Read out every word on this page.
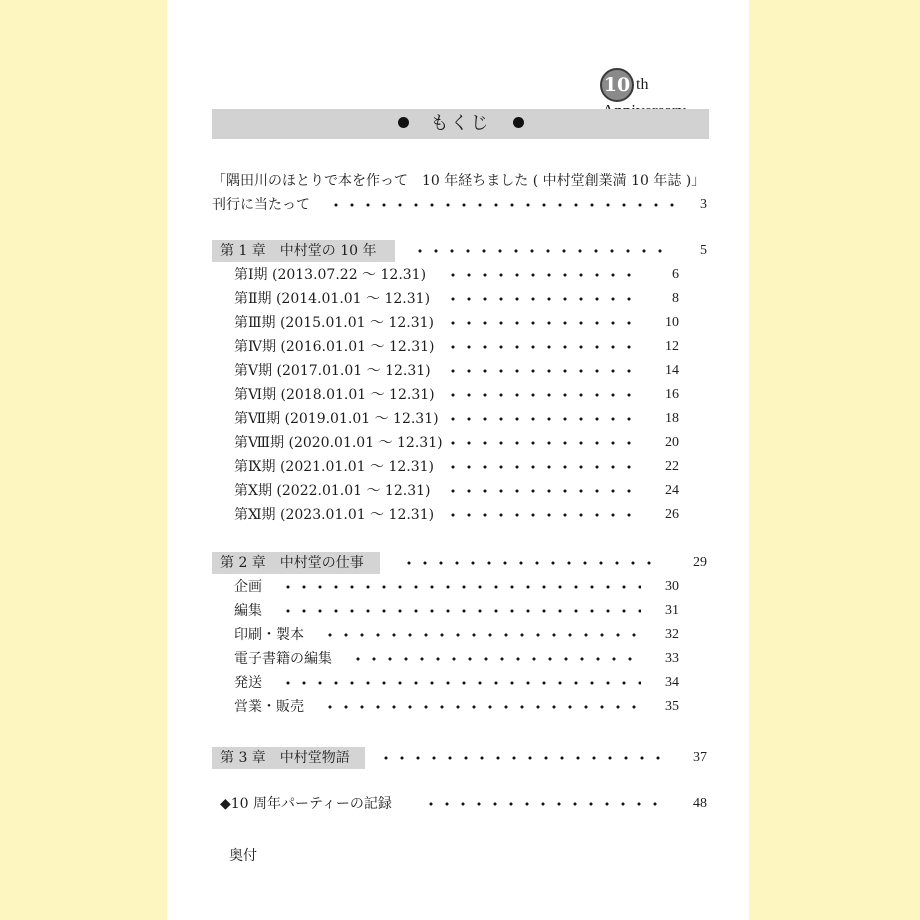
10 th
もくじ
「隅田川のほとりで本を作って　10 年経ちました ( 中村堂創業満 10 年誌 )」
刊行に当たって	3
第 1 章　中村堂の 10 年	5
第Ⅰ期 (2013.07.22 ～ 12.31)	6
第Ⅱ期 (2014.01.01 ～ 12.31)	8
第Ⅲ期 (2015.01.01 ～ 12.31)	10
第Ⅳ期 (2016.01.01 ～ 12.31)	12
第Ⅴ期 (2017.01.01 ～ 12.31)	14
第Ⅵ期 (2018.01.01 ～ 12.31)	16
第Ⅶ期 (2019.01.01 ～ 12.31)	18
第Ⅷ期 (2020.01.01 ～ 12.31)	20
第Ⅸ期 (2021.01.01 ～ 12.31)	22
第Ⅹ期 (2022.01.01 ～ 12.31)	24
第Ⅺ期 (2023.01.01 ～ 12.31)	26
第 2 章　中村堂の仕事	29
企画	30
編集	31
印刷・製本	32
電子書籍の編集	33
発送	34
営業・販売	35
第 3 章　中村堂物語	37
◆10 周年パーティーの記録	48
奥付
